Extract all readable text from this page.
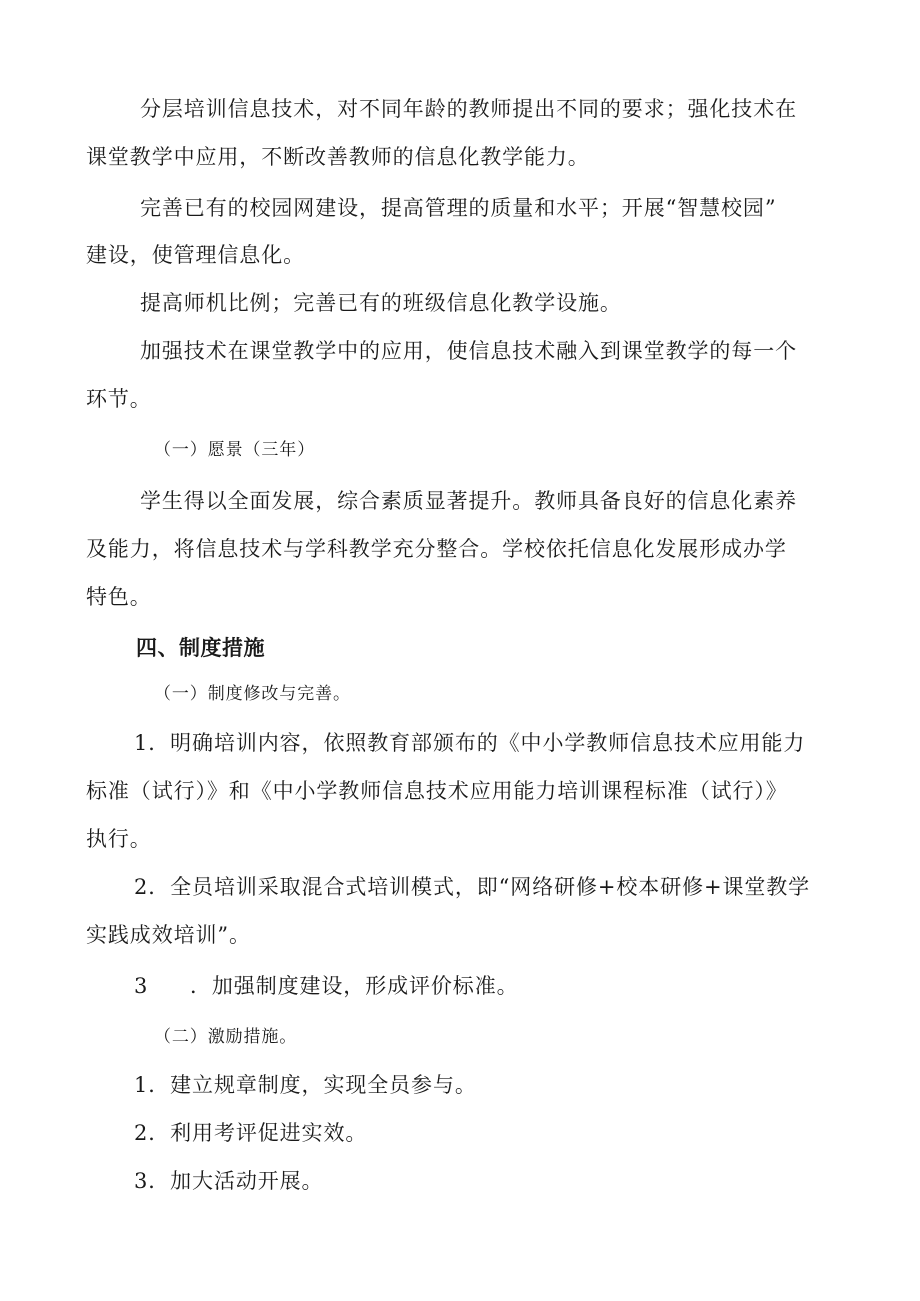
分层培训信息技术，对不同年龄的教师提出不同的要求；强化技术在
课堂教学中应用，不断改善教师的信息化教学能力。
完善已有的校园网建设，提高管理的质量和水平；开展“智慧校园”
建设，使管理信息化。
提高师机比例；完善已有的班级信息化教学设施。
加强技术在课堂教学中的应用，使信息技术融入到课堂教学的每一个
环节。
（一）愿景（三年）
学生得以全面发展，综合素质显著提升。教师具备良好的信息化素养
及能力，将信息技术与学科教学充分整合。学校依托信息化发展形成办学
特色。
四、制度措施
（一）制度修改与完善。
1．明确培训内容，依照教育部颁布的《中小学教师信息技术应用能力
标准（试行）》和《中小学教师信息技术应用能力培训课程标准（试行）》
执行。
2．全员培训采取混合式培训模式，即“网络研修+校本研修+课堂教学
实践成效培训”。
3 ．加强制度建设，形成评价标准。
（二）激励措施。
1．建立规章制度，实现全员参与。
2．利用考评促进实效。
3．加大活动开展。
